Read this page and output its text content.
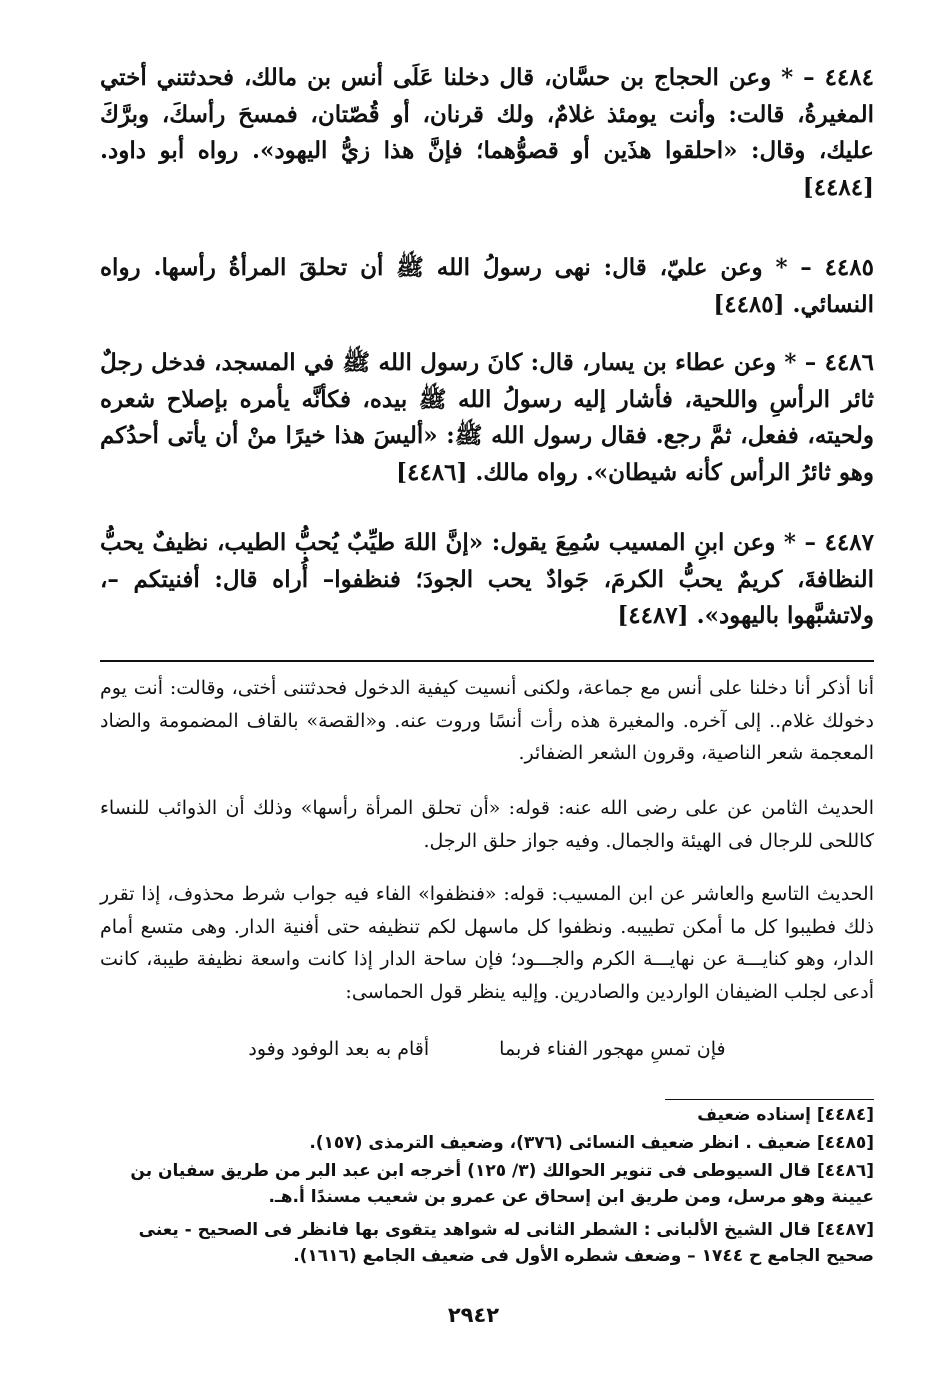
٤٤٨٤ – * وعن الحجاج بن حسَّان، قال دخلنا عَلَى أنس بن مالك، فحدثتني أختي المغيرةُ، قالت: وأنت يومئذ غلامٌ، ولك قرنان، أو قُصّتان، فمسحَ رأسكَ، وبرَّكَ عليك، وقال: «احلقوا هذَين أو قصوُّهما؛ فإنَّ هذا زيُّ اليهود». رواه أبو داود. [٤٤٨٤]

٤٤٨٥ – * وعن عليّ، قال: نهى رسولُ الله ﷺ أن تحلقَ المرأةُ رأسها. رواه النسائي. [٤٤٨٥]

٤٤٨٦ – * وعن عطاء بن يسار، قال: كانَ رسول الله ﷺ في المسجد، فدخل رجلٌ ثائر الرأسِ واللحية، فأشار إليه رسولُ الله ﷺ بيده، فكأنَّه يأمره بإصلاح شعره ولحيته، ففعل، ثمَّ رجع. فقال رسول الله ﷺ: «أليسَ هذا خيرًا منْ أن يأتى أحدُكم وهو ثائرُ الرأس كأنه شيطان». رواه مالك. [٤٤٨٦]

٤٤٨٧ – * وعن ابنِ المسيب سُمِعَ يقول: «إنَّ اللهَ طيِّبٌ يُحبُّ الطيب، نظيفٌ يحبُّ النظافةَ، كريمٌ يحبُّ الكرمَ، جَوادٌ يحب الجودَ؛ فنظفوا– أُراه قال: أفنيتكم –، ولاتشبَّهوا باليهود». [٤٤٨٧]

أنا أذكر أنا دخلنا على أنس مع جماعة، ولكنى أنسيت كيفية الدخول فحدثتنى أختى، وقالت: أنت يوم دخولك غلام.. إلى آخره. والمغيرة هذه رأت أنسًا وروت عنه. و«القصة» بالقاف المضمومة والضاد المعجمة شعر الناصية، وقرون الشعر الضفائر.

الحديث الثامن عن على رضى الله عنه: قوله: «أن تحلق المرأة رأسها» وذلك أن الذوائب للنساء كاللحى للرجال فى الهيئة والجمال. وفيه جواز حلق الرجل.

الحديث التاسع والعاشر عن ابن المسيب: قوله: «فنظفوا» الفاء فيه جواب شرط محذوف، إذا تقرر ذلك فطيبوا كل ما أمكن تطييبه. ونظفوا كل ماسهل لكم تنظيفه حتى أفنية الدار. وهى متسع أمام الدار، وهو كنايـــة عن نهايـــة الكرم والجـــود؛ فإن ساحة الدار إذا كانت واسعة نظيفة طيبة، كانت أدعى لجلب الضيفان الواردين والصادرين. وإليه ينظر قول الحماسى:

فإن تمسِ مهجور الفناء فربما
أقام به بعد الوفود وفود

[٤٤٨٤] إسناده ضعيف

[٤٤٨٥] ضعيف . انظر ضعيف النسائى (٣٧٦)، وضعيف الترمذى (١٥٧).

[٤٤٨٦] قال السيوطى فى تنوير الحوالك (٣/ ١٢٥) أخرجه ابن عبد البر من طريق سفيان بن عيينة وهو مرسل، ومن طريق ابن إسحاق عن عمرو بن شعيب مسندًا أ.هـ.

[٤٤٨٧] قال الشيخ الألبانى : الشطر الثانى له شواهد يتقوى بها فانظر فى الصحيح - يعنى صحيح الجامع ح ١٧٤٤ – وضعف شطره الأول فى ضعيف الجامع (١٦١٦).

٢٩٤٢
